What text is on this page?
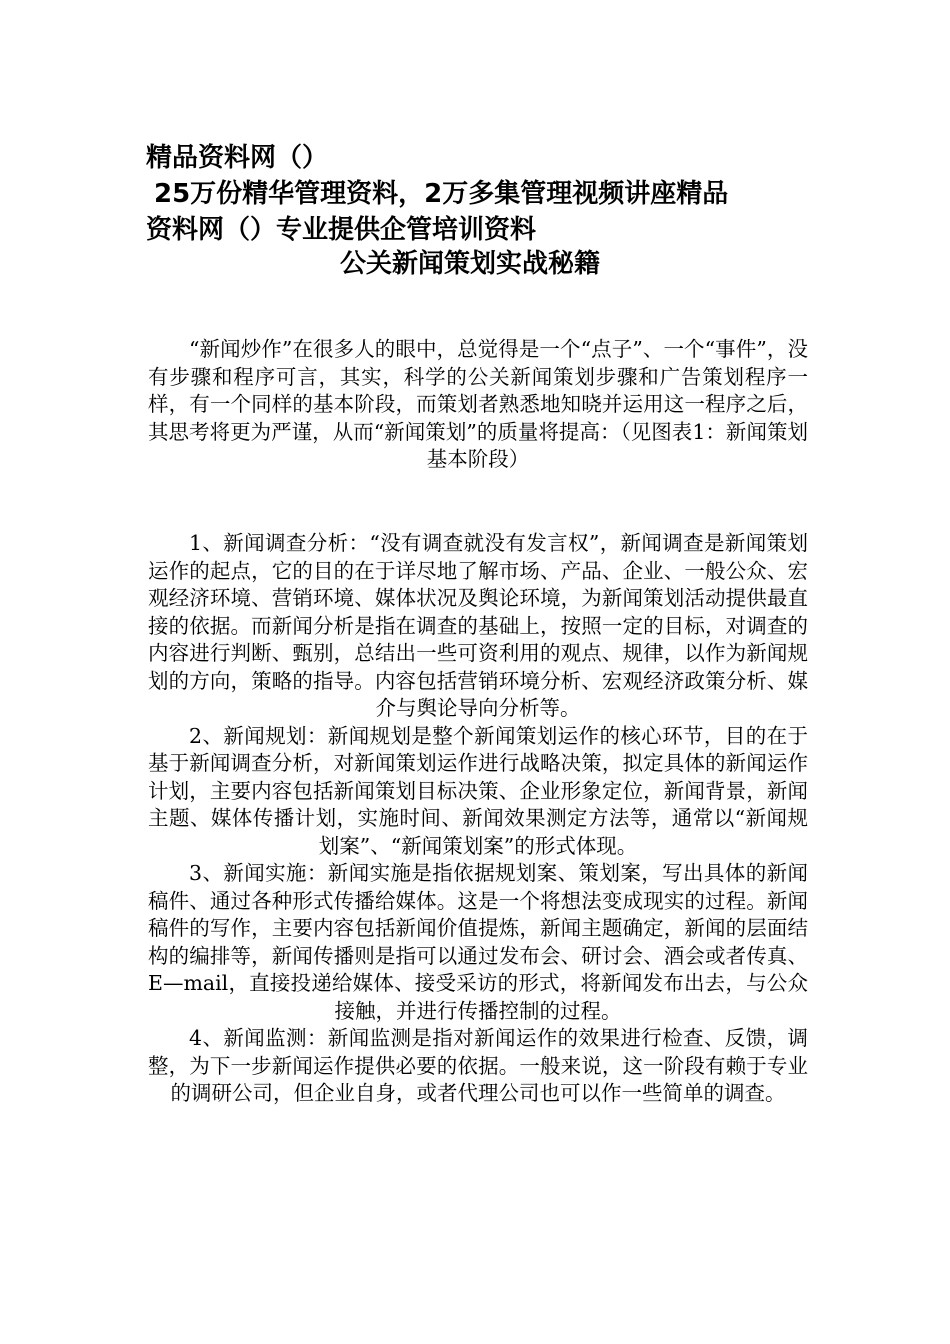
精品资料网（）
25万份精华管理资料，2万多集管理视频讲座精品
资料网（）专业提供企管培训资料
公关新闻策划实战秘籍

“新闻炒作”在很多人的眼中，总觉得是一个“点子”、一个“事件”，没有步骤和程序可言，其实，科学的公关新闻策划步骤和广告策划程序一样，有一个同样的基本阶段，而策划者熟悉地知晓并运用这一程序之后，其思考将更为严谨，从而“新闻策划”的质量将提高：（见图表1：新闻策划基本阶段）

1、新闻调查分析：“没有调查就没有发言权”，新闻调查是新闻策划运作的起点，它的目的在于详尽地了解市场、产品、企业、一般公众、宏观经济环境、营销环境、媒体状况及舆论环境，为新闻策划活动提供最直接的依据。而新闻分析是指在调查的基础上，按照一定的目标，对调查的内容进行判断、甄别，总结出一些可资利用的观点、规律，以作为新闻规划的方向，策略的指导。内容包括营销环境分析、宏观经济政策分析、媒介与舆论导向分析等。

2、新闻规划：新闻规划是整个新闻策划运作的核心环节，目的在于基于新闻调查分析，对新闻策划运作进行战略决策，拟定具体的新闻运作计划，主要内容包括新闻策划目标决策、企业形象定位，新闻背景，新闻主题、媒体传播计划，实施时间、新闻效果测定方法等，通常以“新闻规划案”、“新闻策划案”的形式体现。

3、新闻实施：新闻实施是指依据规划案、策划案，写出具体的新闻稿件、通过各种形式传播给媒体。这是一个将想法变成现实的过程。新闻稿件的写作，主要内容包括新闻价值提炼，新闻主题确定，新闻的层面结构的编排等，新闻传播则是指可以通过发布会、研讨会、酒会或者传真、E—mail，直接投递给媒体、接受采访的形式，将新闻发布出去，与公众接触，并进行传播控制的过程。

4、新闻监测：新闻监测是指对新闻运作的效果进行检查、反馈，调整，为下一步新闻运作提供必要的依据。一般来说，这一阶段有赖于专业的调研公司，但企业自身，或者代理公司也可以作一些简单的调查。
